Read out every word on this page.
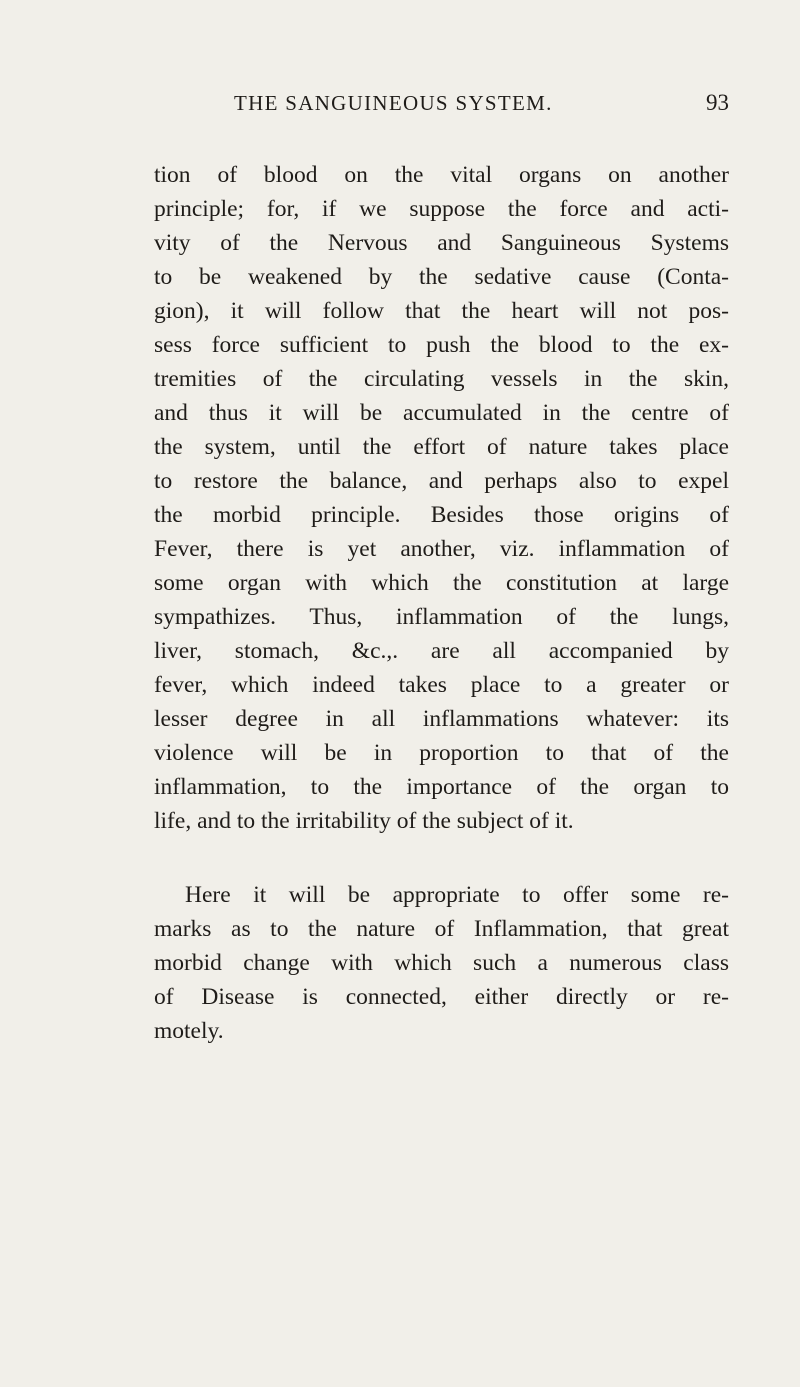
THE SANGUINEOUS SYSTEM.	93
tion of blood on the vital organs on another
principle; for, if we suppose the force and acti-
vity of the Nervous and Sanguineous Systems
to be weakened by the sedative cause (Conta-
gion), it will follow that the heart will not pos-
sess force sufficient to push the blood to the ex-
tremities of the circulating vessels in the skin,
and thus it will be accumulated in the centre of
the system, until the effort of nature takes place
to restore the balance, and perhaps also to expel
the morbid principle. Besides those origins of
Fever, there is yet another, viz. inflammation of
some organ with which the constitution at large
sympathizes. Thus, inflammation of the lungs,
liver, stomach, &c.,. are all accompanied by
fever, which indeed takes place to a greater or
lesser degree in all inflammations whatever: its
violence will be in proportion to that of the
inflammation, to the importance of the organ to
life, and to the irritability of the subject of it.
Here it will be appropriate to offer some re-
marks as to the nature of Inflammation, that great
morbid change with which such a numerous class
of Disease is connected, either directly or re-
motely.
